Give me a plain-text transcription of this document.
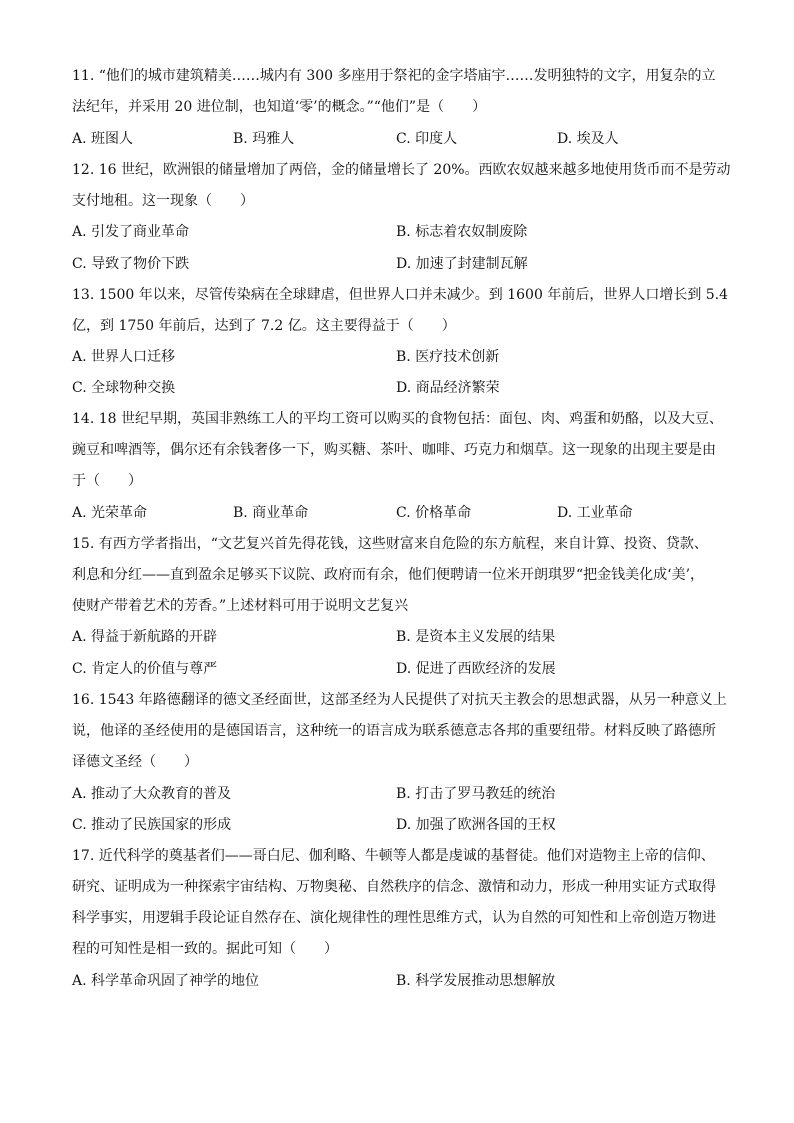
11. “他们的城市建筑精美……城内有 300 多座用于祭祀的金字塔庙宇……发明独特的文字，用复杂的立
法纪年，并采用 20 进位制，也知道‘零’的概念。”“他们”是（　　）
A. 班图人	B. 玛雅人	C. 印度人	D. 埃及人
12. 16 世纪，欧洲银的储量增加了两倍，金的储量增长了 20%。西欧农奴越来越多地使用货币而不是劳动
支付地租。这一现象（　　）
A. 引发了商业革命	B. 标志着农奴制废除
C. 导致了物价下跌	D. 加速了封建制瓦解
13. 1500 年以来，尽管传染病在全球肆虐，但世界人口并未减少。到 1600 年前后，世界人口增长到 5.4
亿，到 1750 年前后，达到了 7.2 亿。这主要得益于（　　）
A. 世界人口迁移	B. 医疗技术创新
C. 全球物种交换	D. 商品经济繁荣
14. 18 世纪早期，英国非熟练工人的平均工资可以购买的食物包括：面包、肉、鸡蛋和奶酪，以及大豆、
豌豆和啤酒等，偶尔还有余钱奢侈一下，购买糖、茶叶、咖啡、巧克力和烟草。这一现象的出现主要是由
于（　　）
A. 光荣革命	B. 商业革命	C. 价格革命	D. 工业革命
15. 有西方学者指出，“文艺复兴首先得花钱，这些财富来自危险的东方航程，来自计算、投资、贷款、
利息和分红——直到盈余足够买下议院、政府而有余，他们便聘请一位米开朗琪罗“把金钱美化成‘美’，
使财产带着艺术的芳香。”上述材料可用于说明文艺复兴
A. 得益于新航路的开辟	B. 是资本主义发展的结果
C. 肯定人的价值与尊严	D. 促进了西欧经济的发展
16. 1543 年路德翻译的德文圣经面世，这部圣经为人民提供了对抗天主教会的思想武器，从另一种意义上
说，他译的圣经使用的是德国语言，这种统一的语言成为联系德意志各邦的重要纽带。材料反映了路德所
译德文圣经（　　）
A. 推动了大众教育的普及	B. 打击了罗马教廷的统治
C. 推动了民族国家的形成	D. 加强了欧洲各国的王权
17. 近代科学的奠基者们——哥白尼、伽利略、牛顿等人都是虔诚的基督徒。他们对造物主上帝的信仰、
研究、证明成为一种探索宇宙结构、万物奥秘、自然秩序的信念、激情和动力，形成一种用实证方式取得
科学事实，用逻辑手段论证自然存在、演化规律性的理性思维方式，认为自然的可知性和上帝创造万物进
程的可知性是相一致的。据此可知（　　）
A. 科学革命巩固了神学的地位	B. 科学发展推动思想解放
